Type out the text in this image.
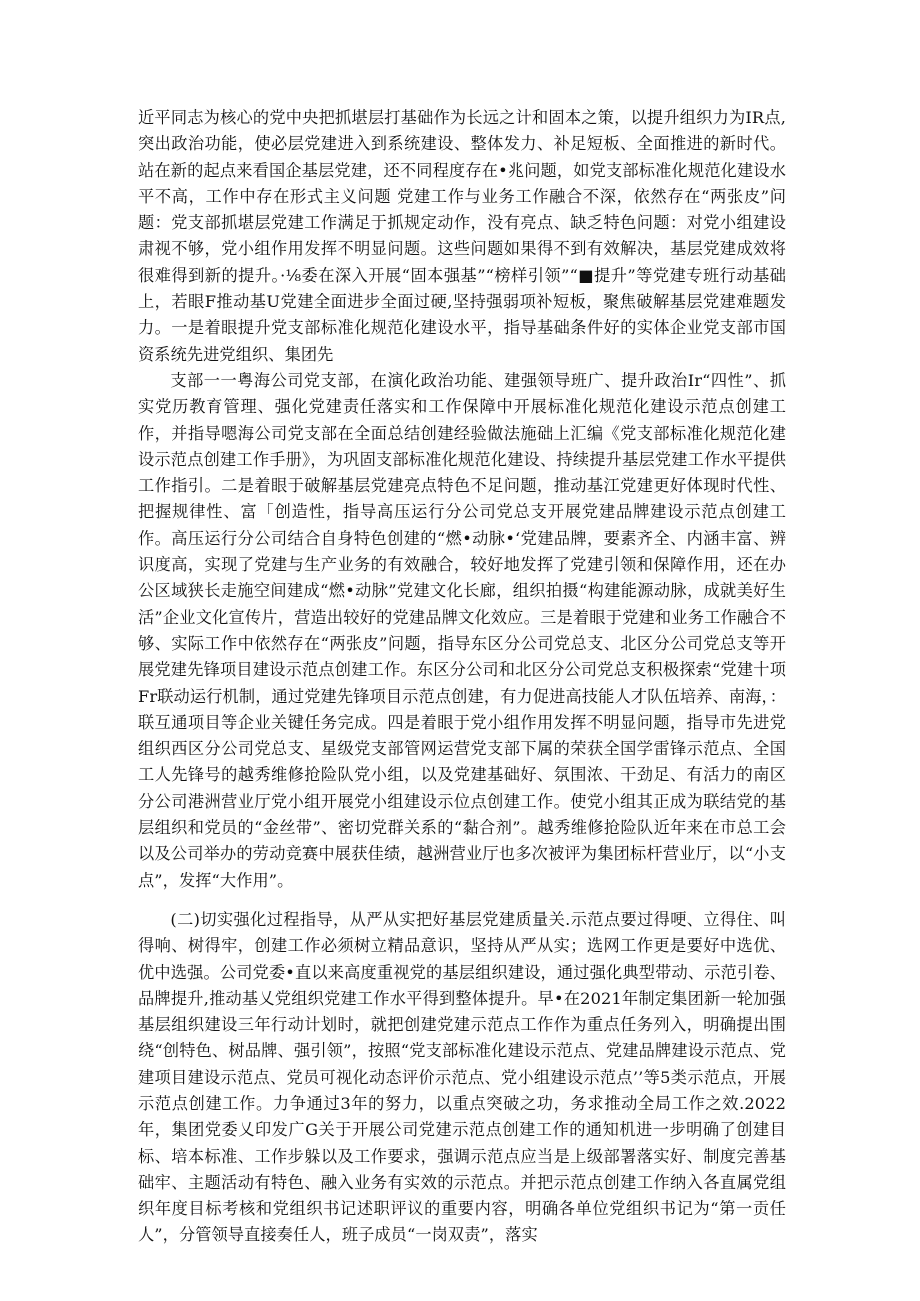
近平同志为核心的党中央把抓堪层打基础作为长远之计和固本之策，以提升组织力为IR点,突出政治功能，使必层党建进入到系统建设、整体发力、补足短板、全面推进的新时代。站在新的起点来看国企基层党建，还不同程度存在•兆问题，如党支部标准化规范化建设水平不高，工作中存在形式主义问题 党建工作与业务工作融合不深，依然存在“两张皮”问题：党支部抓堪层党建工作满足于抓规定动作，没有亮点、缺乏特色问题：对党小组建设肃视不够，党小组作用发挥不明显问题。这些问题如果得不到有效解决，基层党建成效将很难得到新的提升。·⅛委在深入开展“固本强基”“榜样引领”“■提升”等党建专班行动基础上，若眼F推动基U党建全面进步全面过硬,坚持强弱项补短板，聚焦破解基层党建难题发力。一是着眼提升党支部标准化规范化建设水平，指导基础条件好的实体企业党支部市国资系统先进党组织、集团先

支部一一粤海公司党支部，在演化政治功能、建强领导班广、提升政治Ir“四性”、抓实党历教育管理、强化党建责任落实和工作保障中开展标准化规范化建设示范点创建工作，并指导嗯海公司党支部在全面总结创建经验做法施础上汇编《党支部标准化规范化建设示范点创建工作手册》，为巩固支部标准化规范化建设、持续提升基层党建工作水平提供工作指引。二是着眼于破解基层党建亮点特色不足问题，推动基江党建更好体现时代性、把握规律性、富「创造性，指导高压运行分公司党总支开展党建品牌建设示范点创建工作。高压运行分公司结合自身特色创建的“燃•动脉•‘党建品牌，要素齐全、内涵丰富、辨识度高，实现了党建与生产业务的有效融合，较好地发挥了党建引领和保障作用，还在办公区域狭长走施空间建成“燃•动脉”党建文化长廊，组织拍摄“构建能源动脉，成就美好生活”企业文化宣传片，营造出较好的党建品牌文化效应。三是着眼于党建和业务工作融合不够、实际工作中依然存在“两张皮”问题，指导东区分公司党总支、北区分公司党总支等开展党建先锋项目建设示范点创建工作。东区分公司和北区分公司党总支积极探索“党建十项Fr联动运行机制，通过党建先锋项目示范点创建，有力促进高技能人才队伍培养、南海，：联互通项目等企业关键任务完成。四是着眼于党小组作用发挥不明显问题，指导市先进党组织西区分公司党总支、星级党支部管网运营党支部下属的荣获全国学雷锋示范点、全国工人先锋号的越秀维修抢险队党小组，以及党建基础好、氛围浓、干劲足、有活力的南区分公司港洲营业厅党小组开展党小组建设示位点创建工作。使党小组其正成为联结党的基层组织和党员的“金丝带”、密切党群关系的“黏合剂”。越秀维修抢险队近年来在市总工会以及公司举办的劳动竞赛中展获佳绩，越洲营业厅也多次被评为集团标杆营业厅，以“小支点”，发挥“大作用”。

(二)切实强化过程指导，从严从实把好基层党建质量关.示范点要过得哽、立得住、叫得响、树得牢，创建工作必须树立精品意识，坚持从严从实；选网工作更是要好中选优、优中选强。公司党委•直以来高度重视党的基层组织建设，通过强化典型带动、示范引卷、品牌提升,推动基乂党组织党建工作水平得到整体提升。早•在2021年制定集团新一轮加强基层组织建设三年行动计划时，就把创建党建示范点工作作为重点任务列入，明确提出围绕“创特色、树品牌、强引领”，按照“党支部标准化建设示范点、党建品牌建设示范点、党建项目建设示范点、党员可视化动态评价示范点、党小组建设示范点’’等5类示范点，开展示范点创建工作。力争通过3年的努力，以重点突破之功，务求推动全局工作之效.2022年，集团党委乂印发广G关于开展公司党建示范点创建工作的通知机进一步明确了创建目标、培本标准、工作步躲以及工作要求，强调示范点应当是上级部署落实好、制度完善基础牢、主题活动有特色、融入业务有实效的示范点。并把示范点创建工作纳入各直属党组织年度目标考核和党组织书记述职评议的重要内容，明确各单位党组织书记为“第一贡任人”，分管领导直接奏任人，班子成员“一岗双责”，落实
